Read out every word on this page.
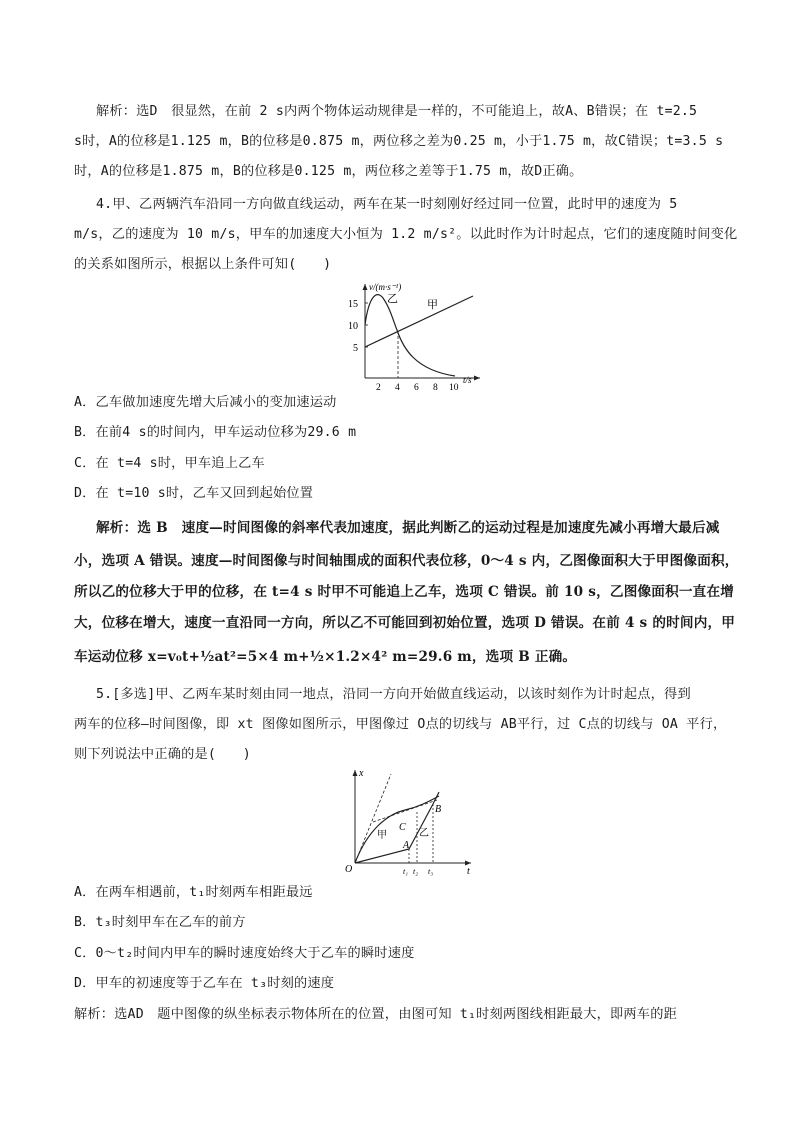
解析：选D　很显然，在前 2 s内两个物体运动规律是一样的，不可能追上，故A、B错误；在 t=2.5
s时，A的位移是1.125 m，B的位移是0.875 m，两位移之差为0.25 m，小于1.75 m，故C错误；t=3.5 s
时，A的位移是1.875 m，B的位移是0.125 m，两位移之差等于1.75 m，故D正确。
4.甲、乙两辆汽车沿同一方向做直线运动，两车在某一时刻刚好经过同一位置，此时甲的速度为 5
m/s，乙的速度为 10 m/s，甲车的加速度大小恒为 1.2 m/s²。以此时作为计时起点，它们的速度随时间变化
的关系如图所示，根据以上条件可知(　　)
5
10
15
2 4 6 8 10
v/(m·s⁻¹)
t/s
乙	甲
A．乙车做加速度先增大后减小的变加速运动
B．在前4 s的时间内，甲车运动位移为29.6 m
C．在 t=4 s时，甲车追上乙车
D．在 t=10 s时，乙车又回到起始位置
解析：选 B　速度—时间图像的斜率代表加速度，据此判断乙的运动过程是加速度先减小再增大最后减
小，选项 A 错误。速度—时间图像与时间轴围成的面积代表位移，0～4 s 内，乙图像面积大于甲图像面积，
所以乙的位移大于甲的位移，在 t=4 s 时甲不可能追上乙车，选项 C 错误。前 10 s，乙图像面积一直在增
大，位移在增大，速度一直沿同一方向，所以乙不可能回到初始位置，选项 D 错误。在前 4 s 的时间内，甲
车运动位移 x=v₀t+½at²=5×4 m+½×1.2×4² m=29.6 m，选项 B 正确。
5.[多选]甲、乙两车某时刻由同一地点，沿同一方向开始做直线运动，以该时刻作为计时起点，得到
两车的位移—时间图像，即 xt 图像如图所示，甲图像过 O点的切线与 AB平行，过 C点的切线与 OA 平行，
则下列说法中正确的是(　　)
x
t
O
C
B
A
甲	乙
t₁ t₂ t₃
A．在两车相遇前，t₁时刻两车相距最远
B．t₃时刻甲车在乙车的前方
C．0～t₂时间内甲车的瞬时速度始终大于乙车的瞬时速度
D．甲车的初速度等于乙车在 t₃时刻的速度
解析：选AD　题中图像的纵坐标表示物体所在的位置，由图可知 t₁时刻两图线相距最大，即两车的距
